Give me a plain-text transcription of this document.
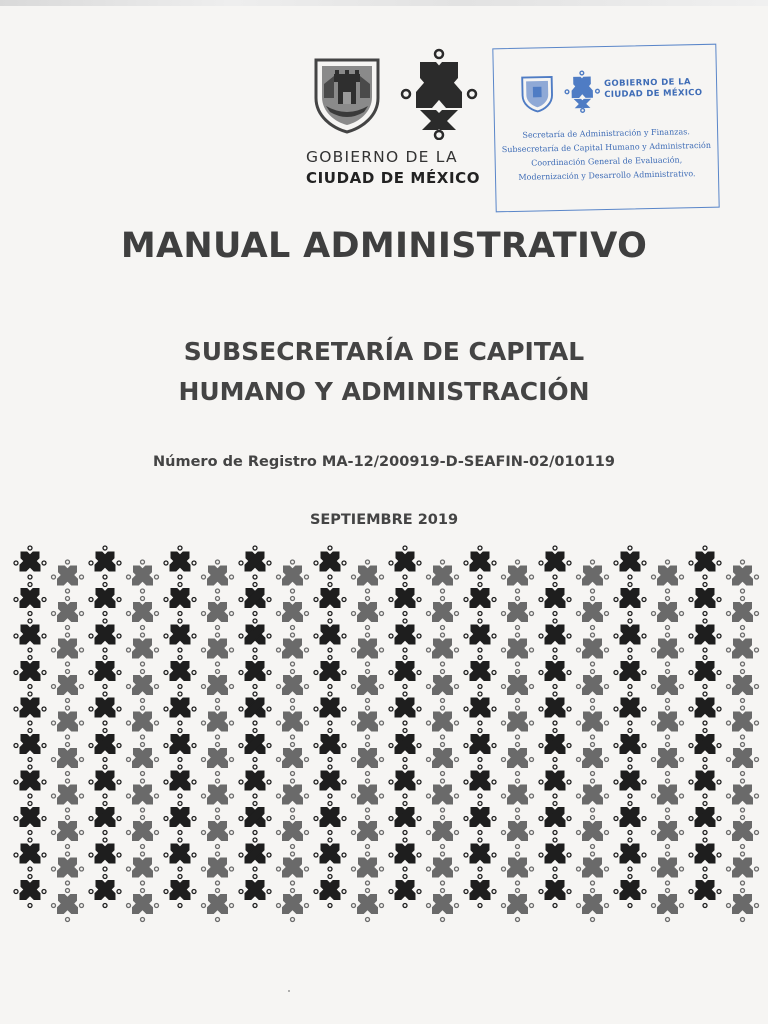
GOBIERNO DE LA
CIUDAD DE MÉXICO
GOBIERNO DE LA
CIUDAD DE MÉXICO
Secretaría de Administración y Finanzas.
Subsecretaría de Capital Humano y Administración
Coordinación General de Evaluación,
Modernización y Desarrollo Administrativo.
MANUAL ADMINISTRATIVO
SUBSECRETARÍA DE CAPITAL
HUMANO Y ADMINISTRACIÓN
Número de Registro MA-12/200919-D-SEAFIN-02/010119
SEPTIEMBRE 2019
